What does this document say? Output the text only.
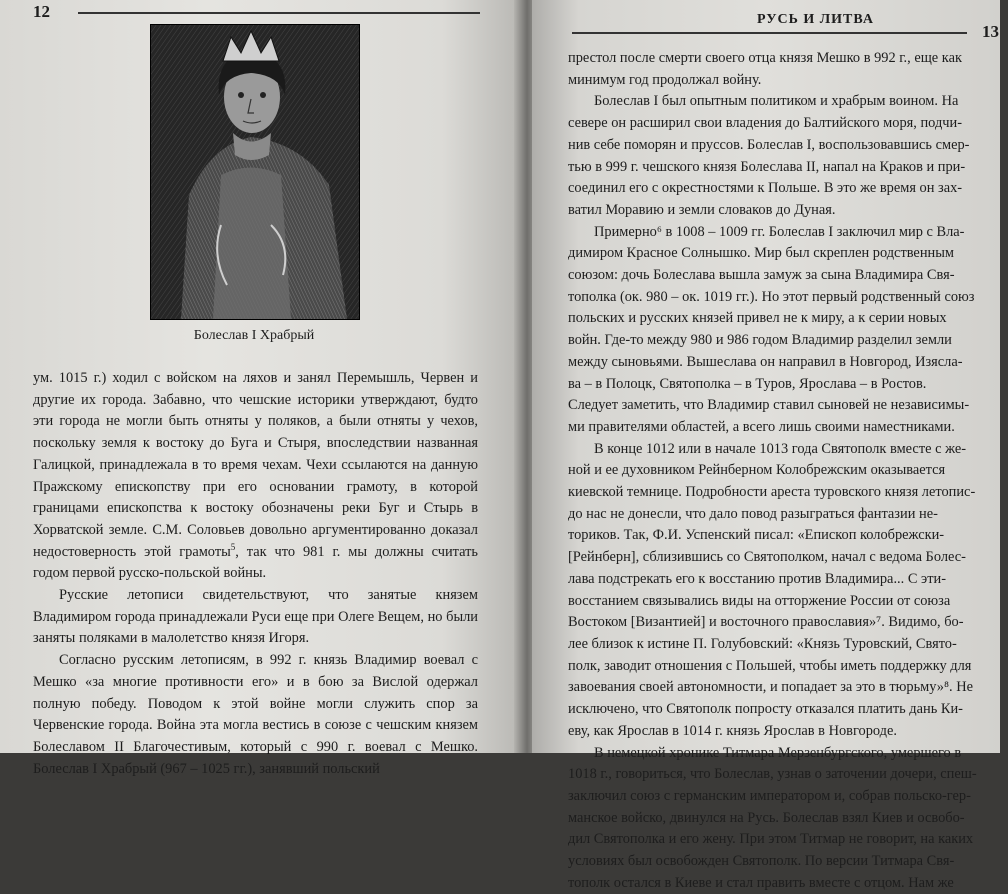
12
Болеслав I Храбрый

ум. 1015 г.) ходил с войском на ляхов и занял Перемышль, Червен и другие их города. Забавно, что чешские историки утверждают, будто эти города не могли быть отняты у поляков, а были отняты у чехов, поскольку земля к востоку до Буга и Стыря, впоследствии названная Галицкой, принадлежала в то время чехам. Чехи ссылаются на данную Пражскому епископству при его основании грамоту, в которой границами епископства к востоку обозначены реки Буг и Стырь в Хорватской земле. С.М. Соловьев довольно аргументированно доказал недостоверность этой грамоты$^5$, так что 981 г. мы должны считать годом первой русско-польской войны.

Русские летописи свидетельствуют, что занятые князем Владимиром города принадлежали Руси еще при Олеге Вещем, но были заняты поляками в малолетство князя Игоря.

Согласно русским летописям, в 992 г. князь Владимир воевал с Мешко «за многие противности его» и в бою за Вислой одержал полную победу. Поводом к этой войне могли служить спор за Червенские города. Война эта могла вестись в союзе с чешским князем Болеславом II Благочестивым, который с 990 г. воевал с Мешко. Болеслав I Храбрый (967 – 1025 гг.), занявший польский

РУСЬ И ЛИТВА
13
престол после смерти своего отца князя Мешко в 992 г., еще как
минимум год продолжал войну.
Болеслав I был опытным политиком и храбрым воином. На
севере он расширил свои владения до Балтийского моря, подчи-
нив себе поморян и пруссов. Болеслав I, воспользовавшись смер-
тью в 999 г. чешского князя Болеслава II, напал на Краков и при-
соединил его с окрестностями к Польше. В это же время он зах-
ватил Моравию и земли словаков до Дуная.
Примерно⁶ в 1008 – 1009 гг. Болеслав I заключил мир с Вла-
димиром Красное Солнышко. Мир был скреплен родственным
союзом: дочь Болеслава вышла замуж за сына Владимира Свя-
тополка (ок. 980 – ок. 1019 гг.). Но этот первый родственный союз
польских и русских князей привел не к миру, а к серии новых
войн. Где-то между 980 и 986 годом Владимир разделил земли
между сыновьями. Вышеслава он направил в Новгород, Изясла-
ва – в Полоцк, Святополка – в Туров, Ярослава – в Ростов.
Следует заметить, что Владимир ставил сыновей не независимы-
ми правителями областей, а всего лишь своими наместниками.
В конце 1012 или в начале 1013 года Святополк вместе с же-
ной и ее духовником Рейнберном Колобрежским оказывается
киевской темнице. Подробности ареста туровского князя летопис-
до нас не донесли, что дало повод разыграться фантазии не-
ториков. Так, Ф.И. Успенский писал: «Епископ колобрежски-
[Рейнберн], сблизившись со Святополком, начал с ведома Болес-
лава подстрекать его к восстанию против Владимира... С эти-
восстанием связывались виды на отторжение России от союза
Востоком [Византией] и восточного православия»⁷. Видимо, бо-
лее близок к истине П. Голубовский: «Князь Туровский, Свято-
полк, заводит отношения с Польшей, чтобы иметь поддержку для
завоевания своей автономности, и попадает за это в тюрьму»⁸. Не
исключено, что Святополк попросту отказался платить дань Ки-
еву, как Ярослав в 1014 г. князь Ярослав в Новгороде.
В немецкой хронике Титмара Мерзенбургского, умершего в
1018 г., говориться, что Болеслав, узнав о заточении дочери, спеш-
заключил союз с германским императором и, собрав польско-гер-
манское войско, двинулся на Русь. Болеслав взял Киев и освобо-
дил Святополка и его жену. При этом Титмар не говорит, на каких
условиях был освобожден Святополк. По версии Титмара Свя-
тополк остался в Киеве и стал править вместе с отцом. Нам же
